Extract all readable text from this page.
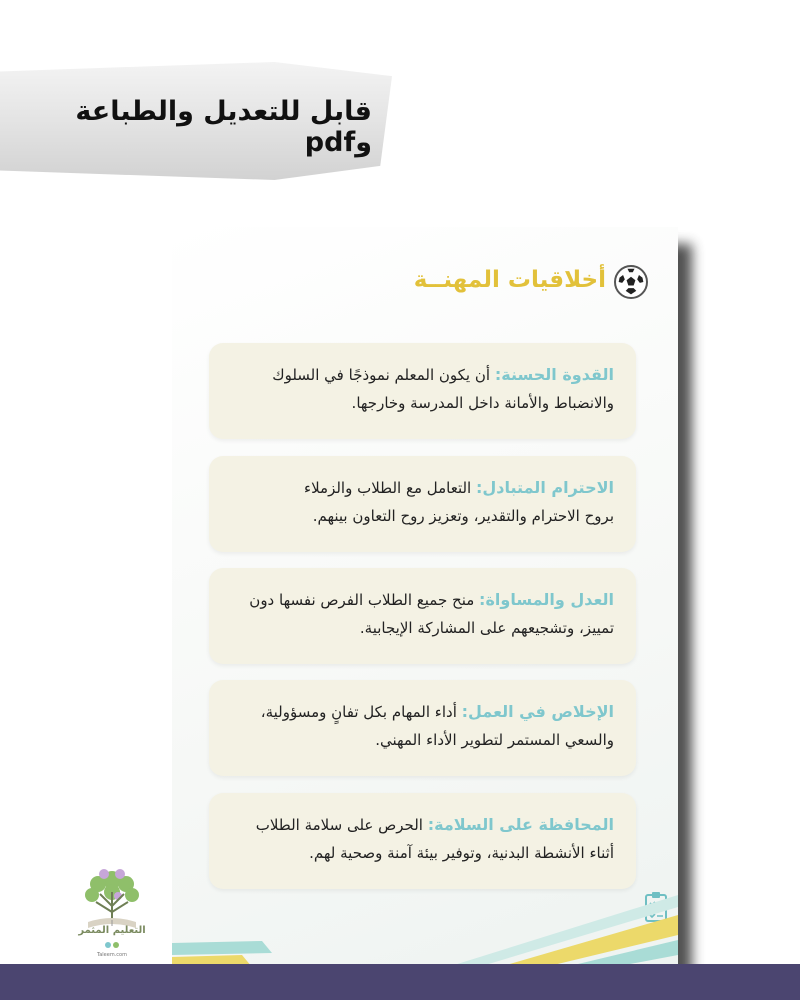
قابل للتعديل والطباعة وpdf
أخلاقيات المهنــة
القدوة الحسنة: أن يكون المعلم نموذجًا في السلوك
والانضباط والأمانة داخل المدرسة وخارجها.
الاحترام المتبادل: التعامل مع الطلاب والزملاء
بروح الاحترام والتقدير، وتعزيز روح التعاون بينهم.
العدل والمساواة: منح جميع الطلاب الفرص نفسها دون
تمييز، وتشجيعهم على المشاركة الإيجابية.
الإخلاص في العمل: أداء المهام بكل تفانٍ ومسؤولية،
والسعي المستمر لتطوير الأداء المهني.
المحافظة على السلامة: الحرص على سلامة الطلاب
أثناء الأنشطة البدنية، وتوفير بيئة آمنة وصحية لهم.
التعليم المثمر
Taleem.com
